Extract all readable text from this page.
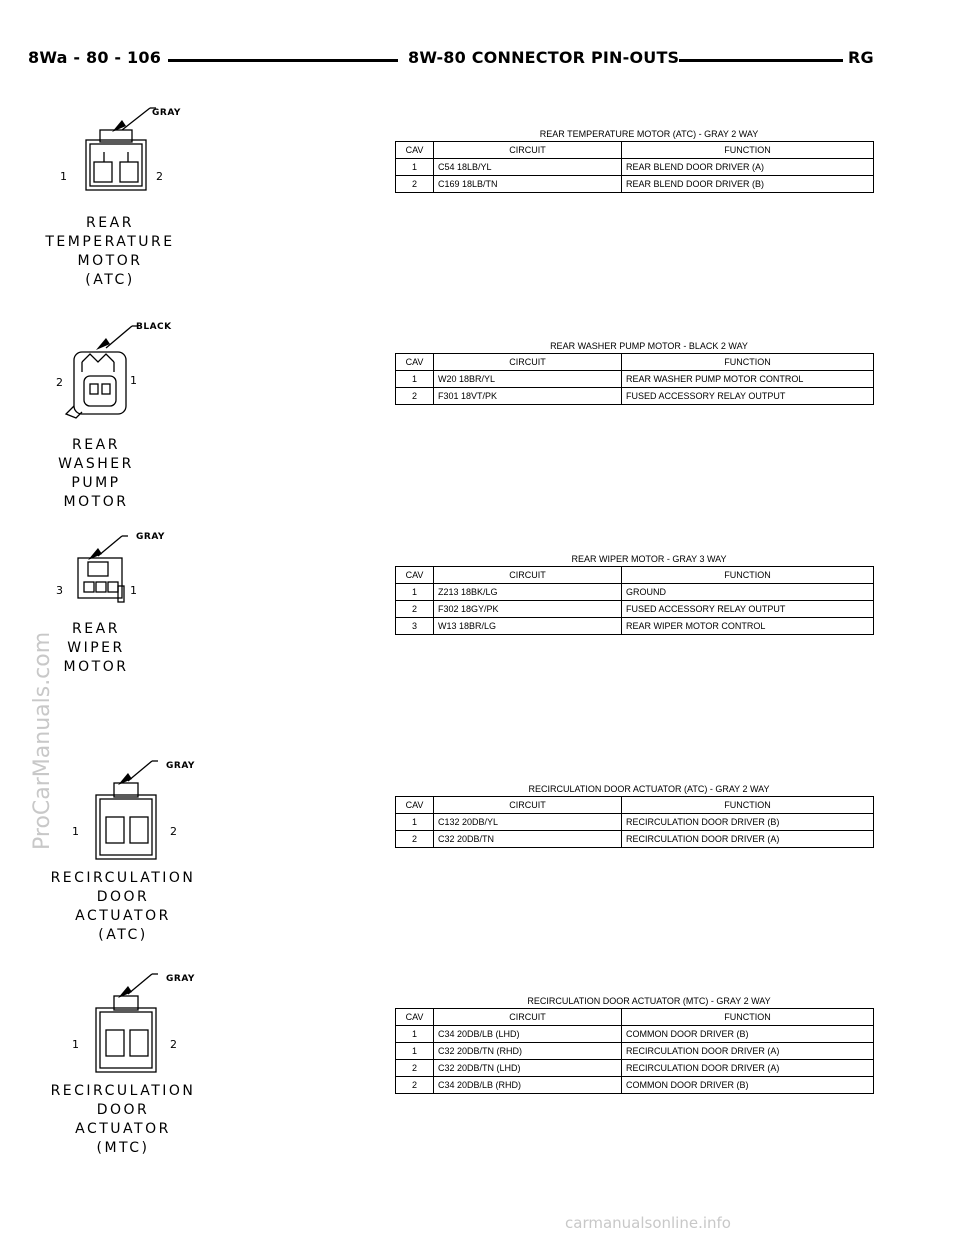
8Wa - 80 - 106	8W-80 CONNECTOR PIN-OUTS	RG
GRAY
1	2
REAR
TEMPERATURE
MOTOR
(ATC)
REAR TEMPERATURE MOTOR (ATC) - GRAY 2 WAY
CAV	CIRCUIT	FUNCTION
1	C54 18LB/YL	REAR BLEND DOOR DRIVER (A)
2	C169 18LB/TN	REAR BLEND DOOR DRIVER (B)
BLACK
2	1
REAR
WASHER
PUMP
MOTOR
REAR WASHER PUMP MOTOR - BLACK 2 WAY
CAV	CIRCUIT	FUNCTION
1	W20 18BR/YL	REAR WASHER PUMP MOTOR CONTROL
2	F301 18VT/PK	FUSED ACCESSORY RELAY OUTPUT
GRAY
3	1
REAR
WIPER
MOTOR
REAR WIPER MOTOR - GRAY 3 WAY
CAV	CIRCUIT	FUNCTION
1	Z213 18BK/LG	GROUND
2	F302 18GY/PK	FUSED ACCESSORY RELAY OUTPUT
3	W13 18BR/LG	REAR WIPER MOTOR CONTROL
GRAY
1	2
RECIRCULATION
DOOR ACTUATOR
(ATC)
RECIRCULATION DOOR ACTUATOR (ATC) - GRAY 2 WAY
CAV	CIRCUIT	FUNCTION
1	C132 20DB/YL	RECIRCULATION DOOR DRIVER (B)
2	C32 20DB/TN	RECIRCULATION DOOR DRIVER (A)
GRAY
1	2
RECIRCULATION
DOOR ACTUATOR
(MTC)
RECIRCULATION DOOR ACTUATOR (MTC) - GRAY 2 WAY
CAV	CIRCUIT	FUNCTION
1	C34 20DB/LB (LHD)	COMMON DOOR DRIVER (B)
1	C32 20DB/TN (RHD)	RECIRCULATION DOOR DRIVER (A)
2	C32 20DB/TN (LHD)	RECIRCULATION DOOR DRIVER (A)
2	C34 20DB/LB (RHD)	COMMON DOOR DRIVER (B)
ProCarManuals.com
carmanualsonline.info
